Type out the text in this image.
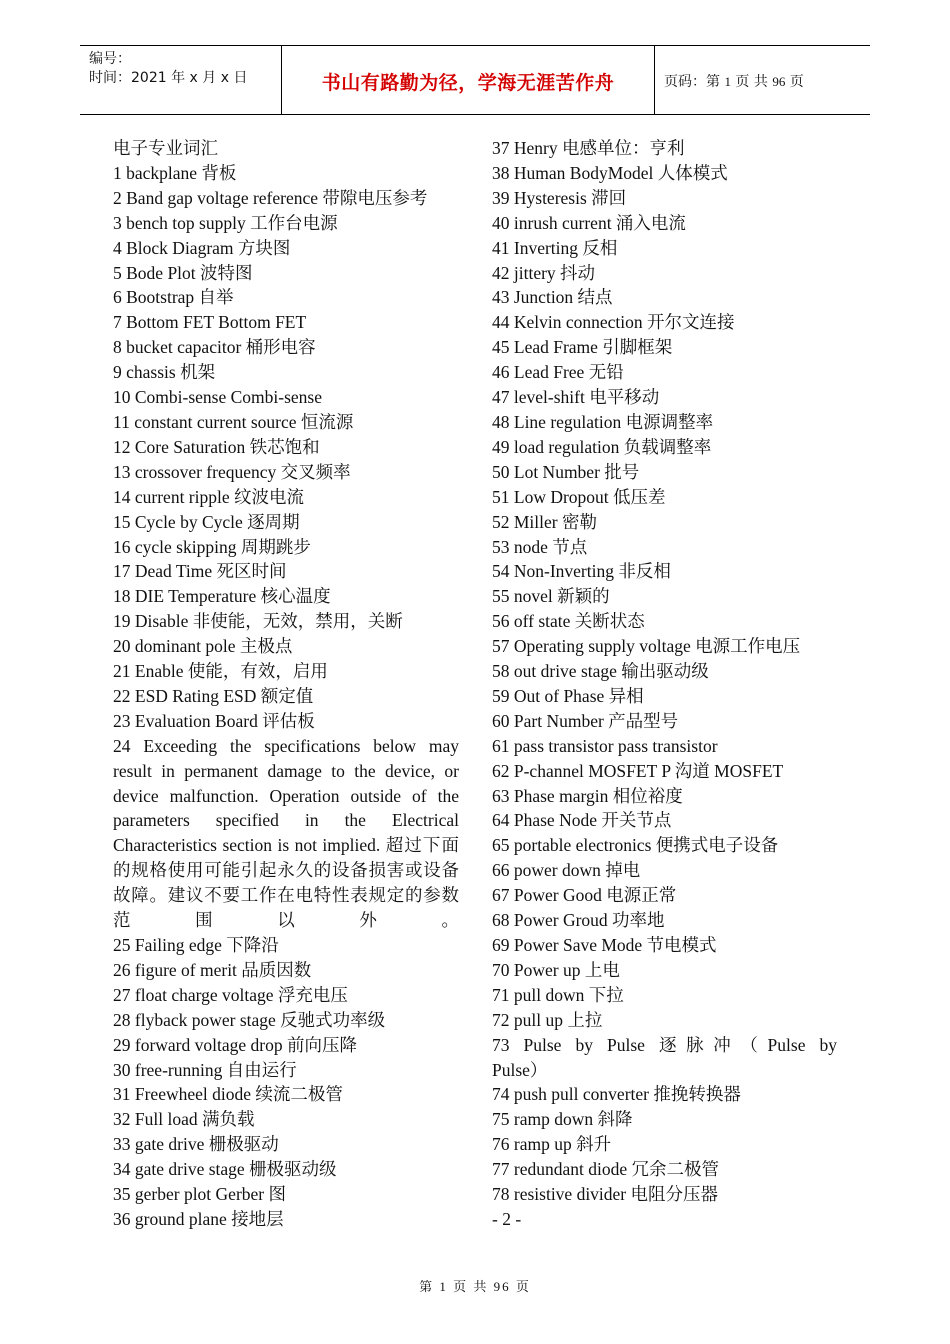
编号：
时间：2021 年 x 月 x 日	书山有路勤为径，学海无涯苦作舟	页码：第 1 页 共 96 页
电子专业词汇
1 backplane 背板
2 Band gap voltage reference 带隙电压参考
3 bench top supply 工作台电源
4 Block Diagram 方块图
5 Bode Plot 波特图
6 Bootstrap 自举
7 Bottom FET Bottom FET
8 bucket capacitor 桶形电容
9 chassis 机架
10 Combi-sense Combi-sense
11 constant current source 恒流源
12 Core Saturation 铁芯饱和
13 crossover frequency 交叉频率
14 current ripple 纹波电流
15 Cycle by Cycle 逐周期
16 cycle skipping 周期跳步
17 Dead Time 死区时间
18 DIE Temperature 核心温度
19 Disable 非使能，无效，禁用，关断
20 dominant pole 主极点
21 Enable 使能，有效，启用
22 ESD Rating ESD 额定值
23 Evaluation Board 评估板
24 Exceeding the specifications below may result in permanent damage to the device, or device malfunction. Operation outside of the parameters specified in the Electrical Characteristics section is not implied. 超过下面的规格使用可能引起永久的设备损害或设备故障。建议不要工作在电特性表规定的参数范围以外。
25 Failing edge 下降沿
26 figure of merit 品质因数
27 float charge voltage 浮充电压
28 flyback power stage 反驰式功率级
29 forward voltage drop 前向压降
30 free-running 自由运行
31 Freewheel diode 续流二极管
32 Full load 满负载
33 gate drive 栅极驱动
34 gate drive stage 栅极驱动级
35 gerber plot Gerber 图
36 ground plane 接地层
37 Henry 电感单位：亨利
38 Human BodyModel 人体模式
39 Hysteresis 滞回
40 inrush current 涌入电流
41 Inverting 反相
42 jittery 抖动
43 Junction 结点
44 Kelvin connection 开尔文连接
45 Lead Frame 引脚框架
46 Lead Free 无铅
47 level-shift 电平移动
48 Line regulation 电源调整率
49 load regulation 负载调整率
50 Lot Number 批号
51 Low Dropout 低压差
52 Miller 密勒
53 node 节点
54 Non-Inverting 非反相
55 novel 新颖的
56 off state 关断状态
57 Operating supply voltage 电源工作电压
58 out drive stage 输出驱动级
59 Out of Phase 异相
60 Part Number 产品型号
61 pass transistor pass transistor
62 P-channel MOSFET P 沟道 MOSFET
63 Phase margin 相位裕度
64 Phase Node 开关节点
65 portable electronics 便携式电子设备
66 power down 掉电
67 Power Good 电源正常
68 Power Groud 功率地
69 Power Save Mode 节电模式
70 Power up 上电
71 pull down 下拉
72 pull up 上拉
73 Pulse by Pulse 逐脉冲（Pulse by
Pulse）
74 push pull converter 推挽转换器
75 ramp down 斜降
76 ramp up 斜升
77 redundant diode 冗余二极管
78 resistive divider 电阻分压器
- 2 -
第 1 页 共 96 页
